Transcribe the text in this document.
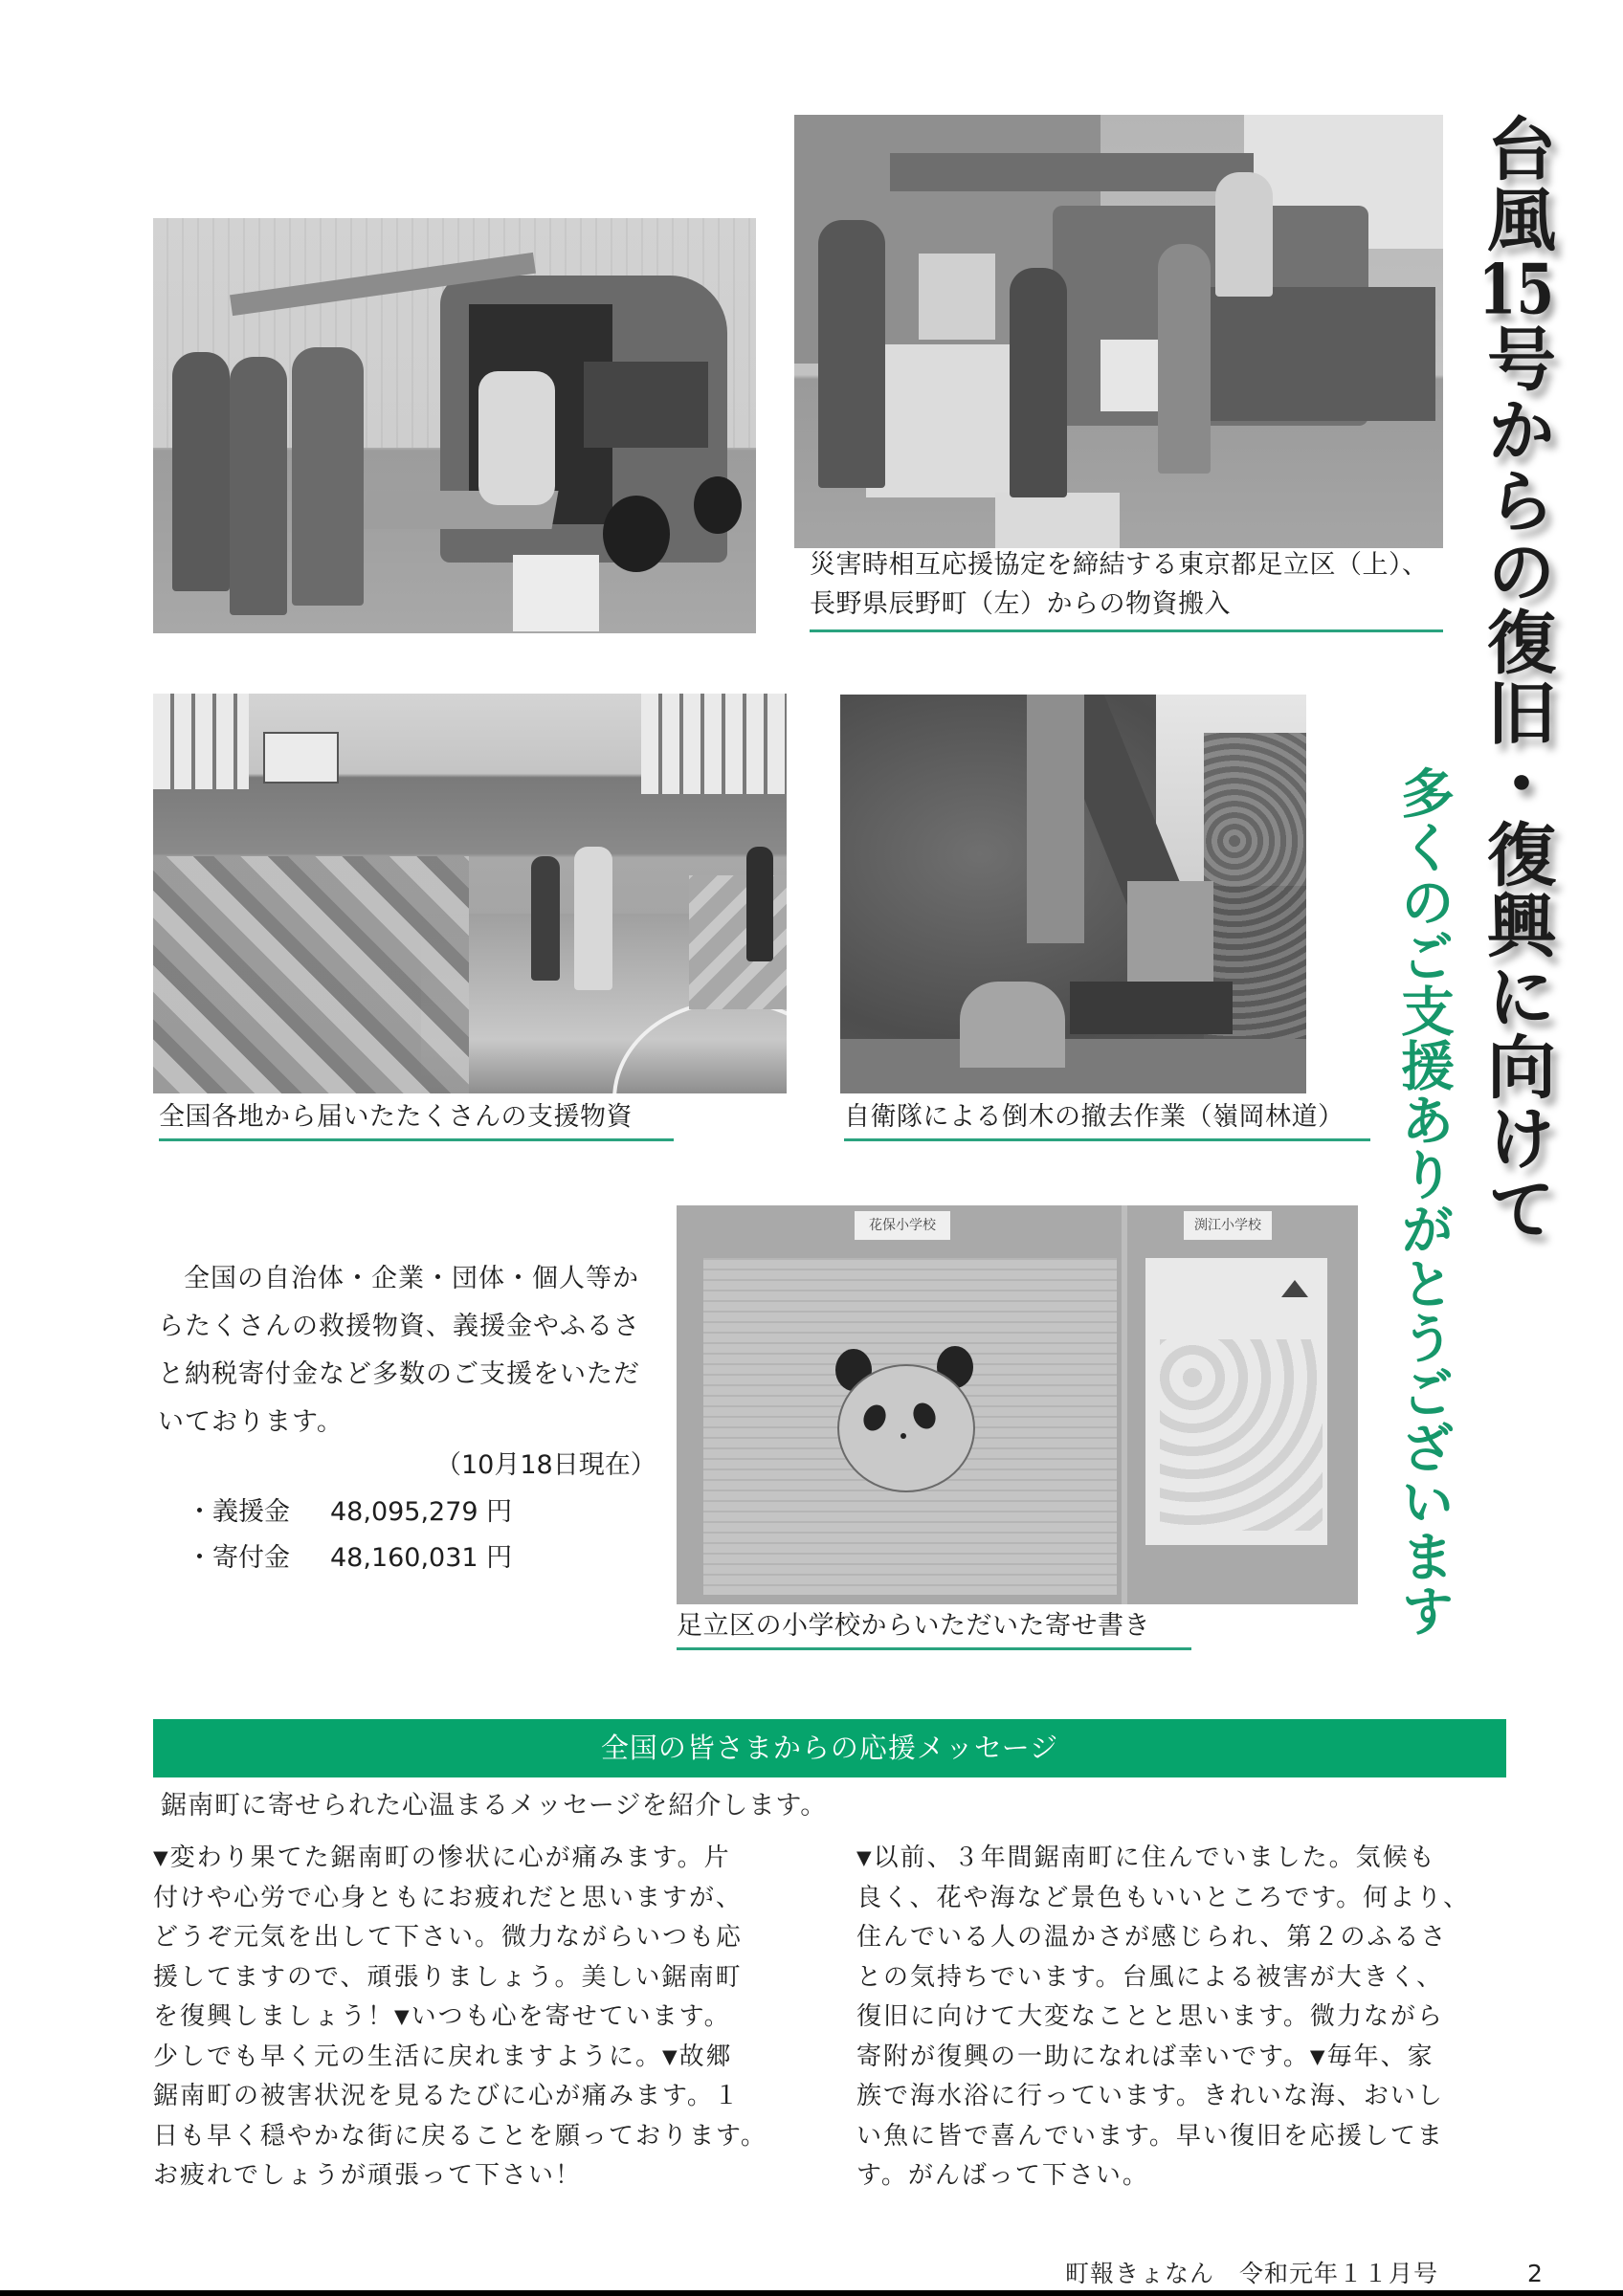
災害時相互応援協定を締結する東京都足立区（上）、
長野県辰野町（左）からの物資搬入
全国各地から届いたたくさんの支援物資	自衛隊による倒木の撤去作業（嶺岡林道）
台風15号からの復旧・復興に向けて
多くのご支援ありがとうございます

全国の自治体・企業・団体・個人等からたくさんの救援物資、義援金やふるさと納税寄付金など多数のご支援をいただいております。

（10月18日現在）
・義援金 48,095,279 円
・寄付金 48,160,031 円
花保小学校	渕江小学校
足立区の小学校からいただいた寄せ書き
全国の皆さまからの応援メッセージ
鋸南町に寄せられた心温まるメッセージを紹介します。
▼変わり果てた鋸南町の惨状に心が痛みます。片
付けや心労で心身ともにお疲れだと思いますが、
どうぞ元気を出して下さい。微力ながらいつも応
援してますので、頑張りましょう。美しい鋸南町
を復興しましょう！▼いつも心を寄せています。
少しでも早く元の生活に戻れますように。▼故郷
鋸南町の被害状況を見るたびに心が痛みます。１
日も早く穏やかな街に戻ることを願っております。
お疲れでしょうが頑張って下さい！
▼以前、３年間鋸南町に住んでいました。気候も
良く、花や海など景色もいいところです。何より、
住んでいる人の温かさが感じられ、第２のふるさ
との気持ちでいます。台風による被害が大きく、
復旧に向けて大変なことと思います。微力ながら
寄附が復興の一助になれば幸いです。▼毎年、家
族で海水浴に行っています。きれいな海、おいし
い魚に皆で喜んでいます。早い復旧を応援してま
す。がんばって下さい。
町報きょなん　令和元年１１月号	2
